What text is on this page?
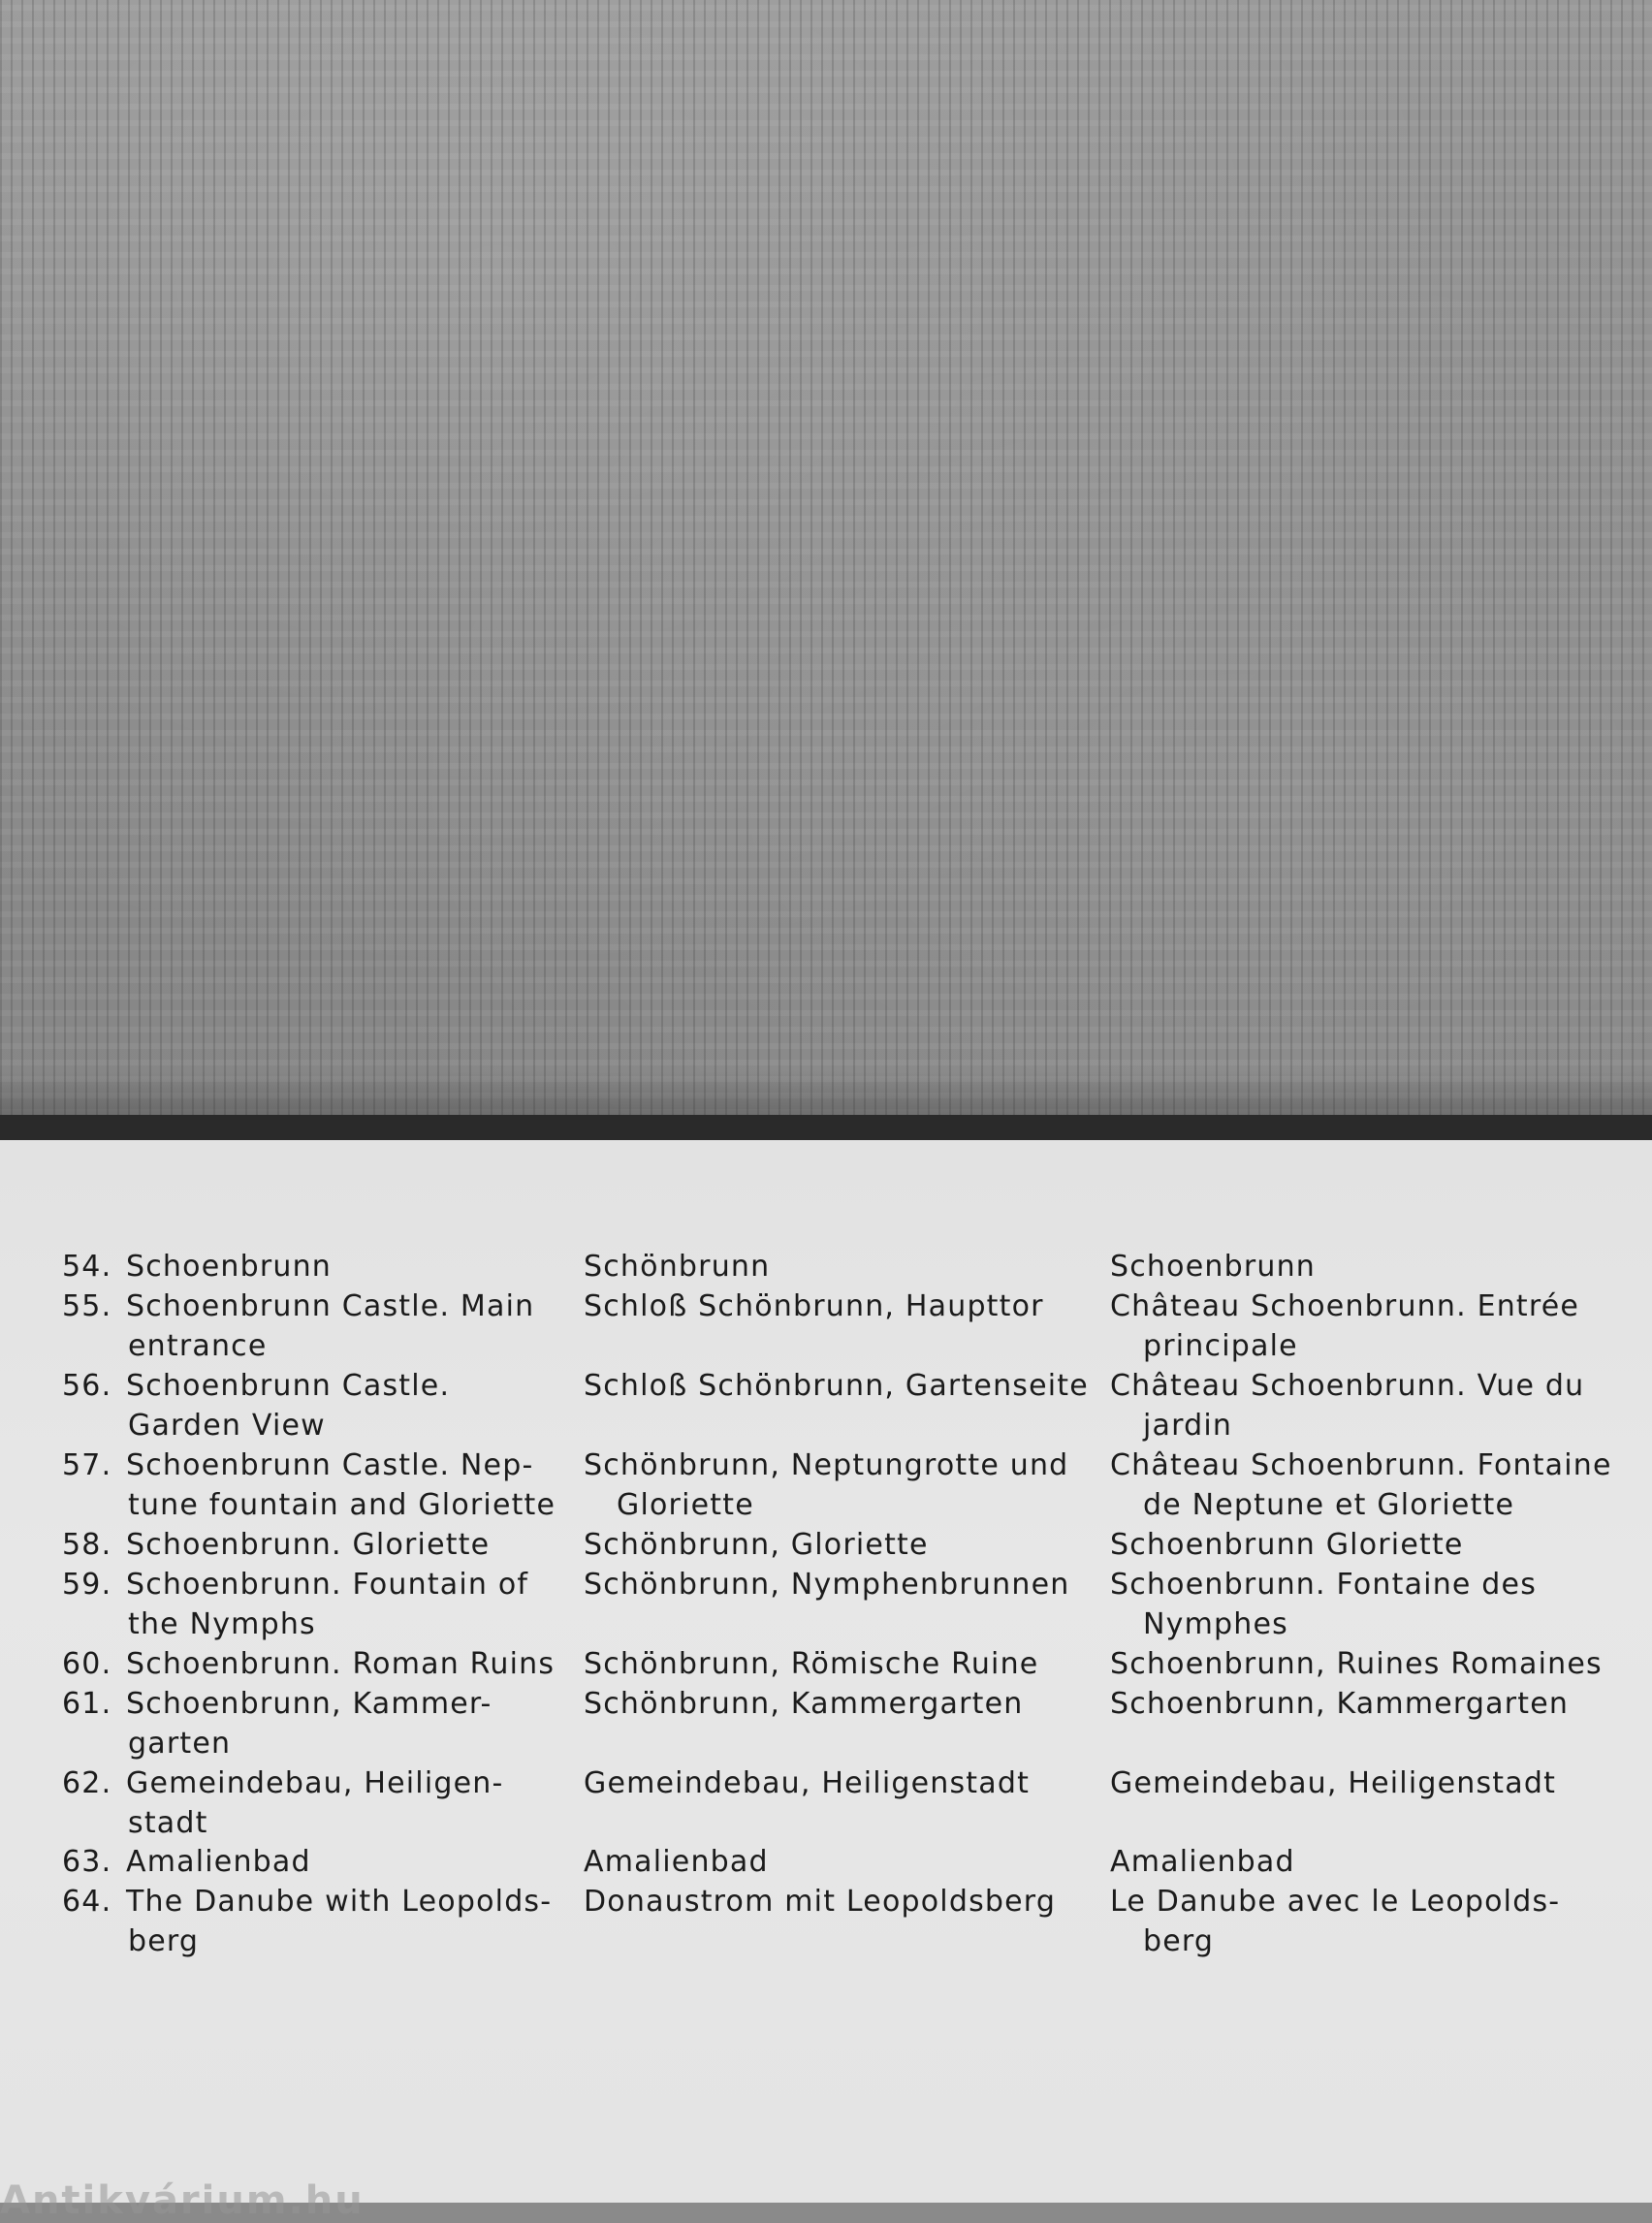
54. Schoenbrunn
55. Schoenbrunn Castle. Main
entrance
56. Schoenbrunn Castle.
Garden View
57. Schoenbrunn Castle. Nep-
tune fountain and Gloriette
58. Schoenbrunn. Gloriette
59. Schoenbrunn. Fountain of
the Nymphs
60. Schoenbrunn. Roman Ruins
61. Schoenbrunn, Kammer-
garten
62. Gemeindebau, Heiligen-
stadt
63. Amalienbad
64. The Danube with Leopolds-
berg
Schönbrunn
Schloß Schönbrunn, Haupttor
Schloß Schönbrunn, Gartenseite
Schönbrunn, Neptungrotte und
Gloriette
Schönbrunn, Gloriette
Schönbrunn, Nymphenbrunnen
Schönbrunn, Römische Ruine
Schönbrunn, Kammergarten
Gemeindebau, Heiligenstadt
Amalienbad
Donaustrom mit Leopoldsberg
Schoenbrunn
Château Schoenbrunn. Entrée
principale
Château Schoenbrunn. Vue du
jardin
Château Schoenbrunn. Fontaine
de Neptune et Gloriette
Schoenbrunn Gloriette
Schoenbrunn. Fontaine des
Nymphes
Schoenbrunn, Ruines Romaines
Schoenbrunn, Kammergarten
Gemeindebau, Heiligenstadt
Amalienbad
Le Danube avec le Leopolds-
berg
Antikvárium.hu
